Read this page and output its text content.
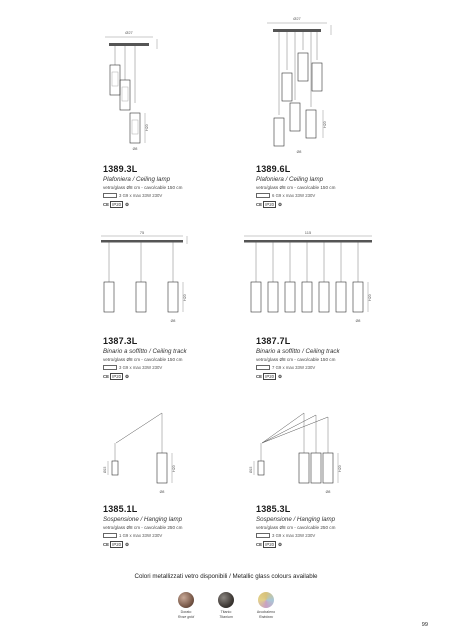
Ø27
H20
Ø8
Ø27
H20
Ø8
1389.3L
Plafoniera / Ceiling lamp
vetro/glass Ø8 cm - cavo/cable 150 cm
3 G9 x max 33W 230V
CE IP20 ⚙
1389.6L
Plafoniera / Ceiling lamp
vetro/glass Ø8 cm - cavo/cable 150 cm
6 G9 x max 33W 230V
CE IP20 ⚙
75
H20
Ø8
115
H20
Ø8
1387.3L
Binario a soffitto / Ceiling track
vetro/glass Ø8 cm - cavo/cable 150 cm
3 G9 x max 33W 230V
CE IP20 ⚙
1387.7L
Binario a soffitto / Ceiling track
vetro/glass Ø8 cm - cavo/cable 150 cm
7 G9 x max 33W 230V
CE IP20 ⚙
Ø15	H20
Ø8
Ø15	H20
Ø8
1385.1L
Sospensione / Hanging lamp
vetro/glass Ø8 cm - cavo/cable 250 cm
1 G9 x max 33W 230V
CE IP20 ⚙
1385.3L
Sospensione / Hanging lamp
vetro/glass Ø8 cm - cavo/cable 250 cm
3 G9 x max 33W 230V
CE IP20 ⚙
Colori metallizzati vetro disponibili / Metallic glass colours available
Dorato
Rose gold
Titanio
Titanium
Arcobaleno
Rainbow
99
